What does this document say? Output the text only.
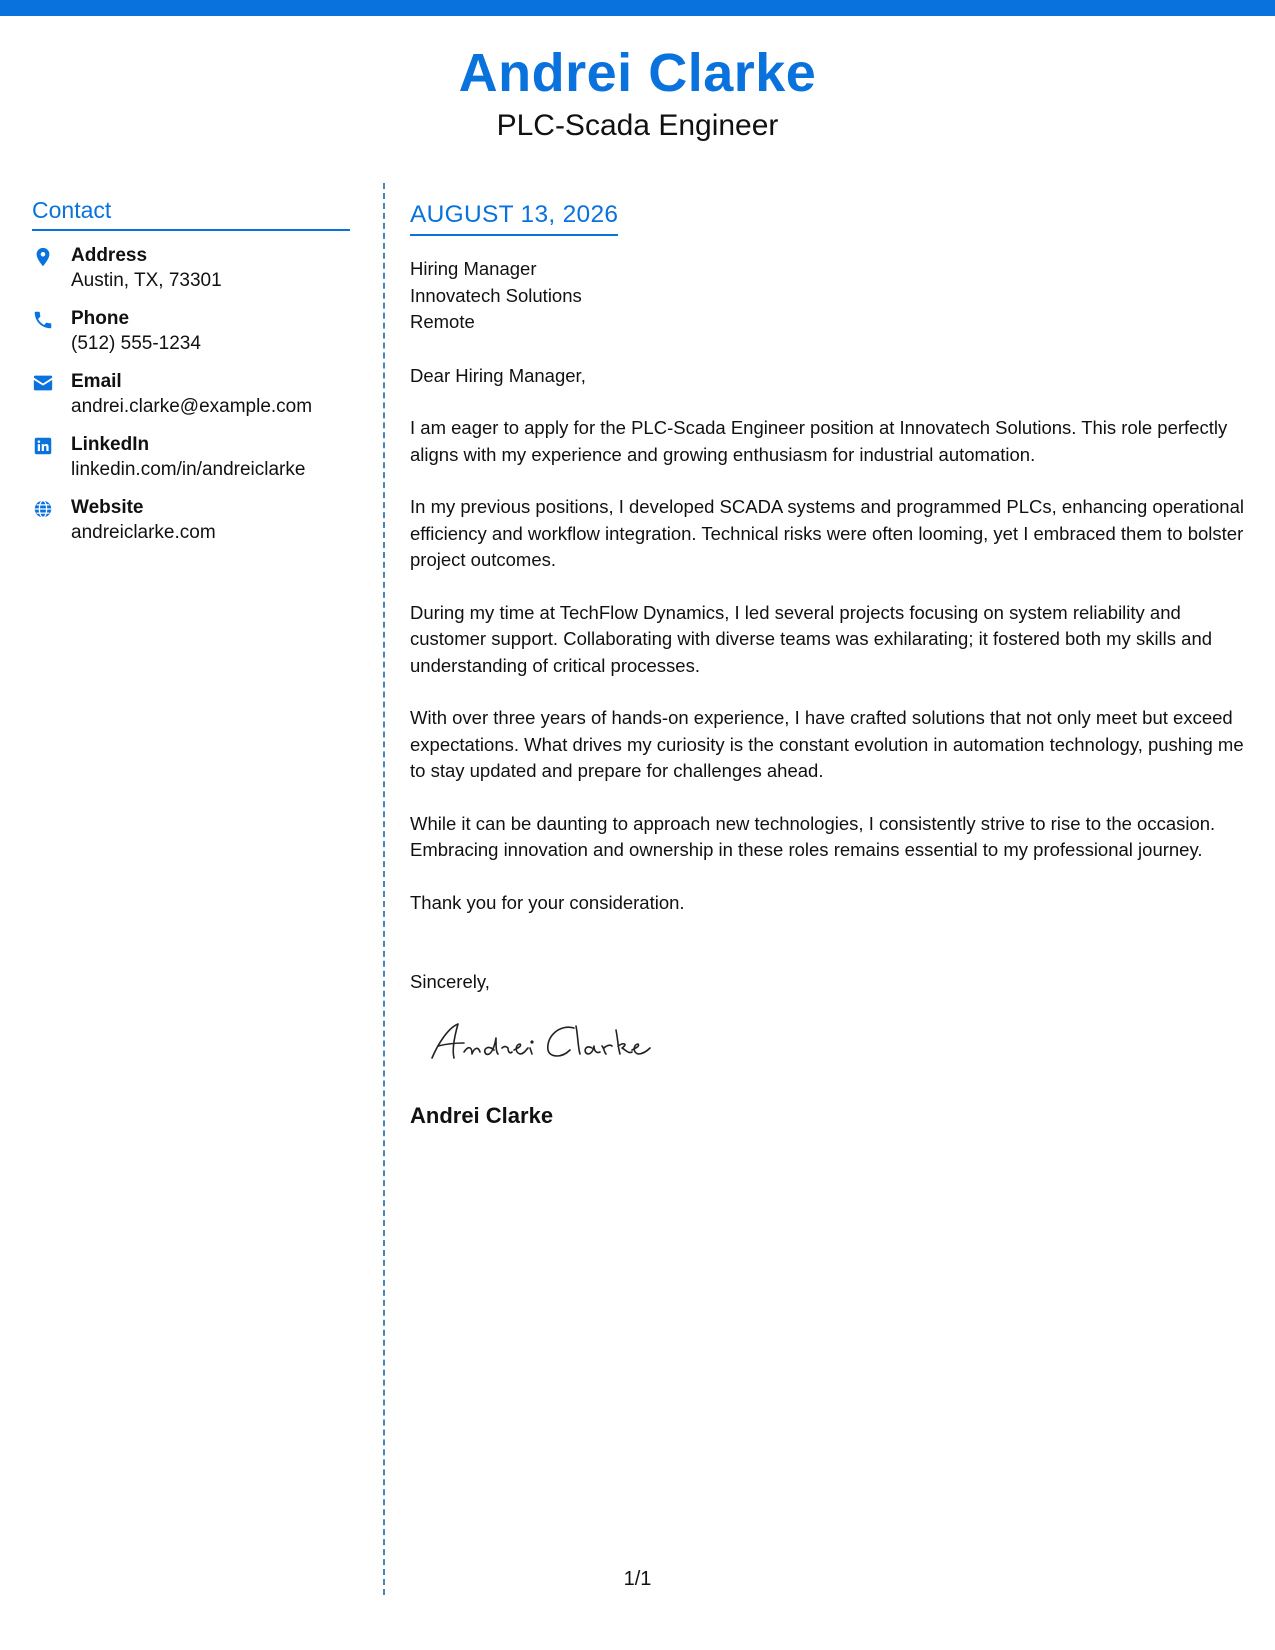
Andrei Clarke
PLC-Scada Engineer
Contact
Address
Austin, TX, 73301
Phone
(512) 555-1234
Email
andrei.clarke@example.com
LinkedIn
linkedin.com/in/andreiclarke
Website
andreiclarke.com
AUGUST 13, 2026
Hiring Manager
Innovatech Solutions
Remote
Dear Hiring Manager,

I am eager to apply for the PLC-Scada Engineer position at Innovatech Solutions. This role perfectly aligns with my experience and growing enthusiasm for industrial automation.

In my previous positions, I developed SCADA systems and programmed PLCs, enhancing operational efficiency and workflow integration. Technical risks were often looming, yet I embraced them to bolster project outcomes.

During my time at TechFlow Dynamics, I led several projects focusing on system reliability and customer support. Collaborating with diverse teams was exhilarating; it fostered both my skills and understanding of critical processes.

With over three years of hands-on experience, I have crafted solutions that not only meet but exceed expectations. What drives my curiosity is the constant evolution in automation technology, pushing me to stay updated and prepare for challenges ahead.

While it can be daunting to approach new technologies, I consistently strive to rise to the occasion. Embracing innovation and ownership in these roles remains essential to my professional journey.

Thank you for your consideration.

Sincerely,
Andrei Clarke
1/1
